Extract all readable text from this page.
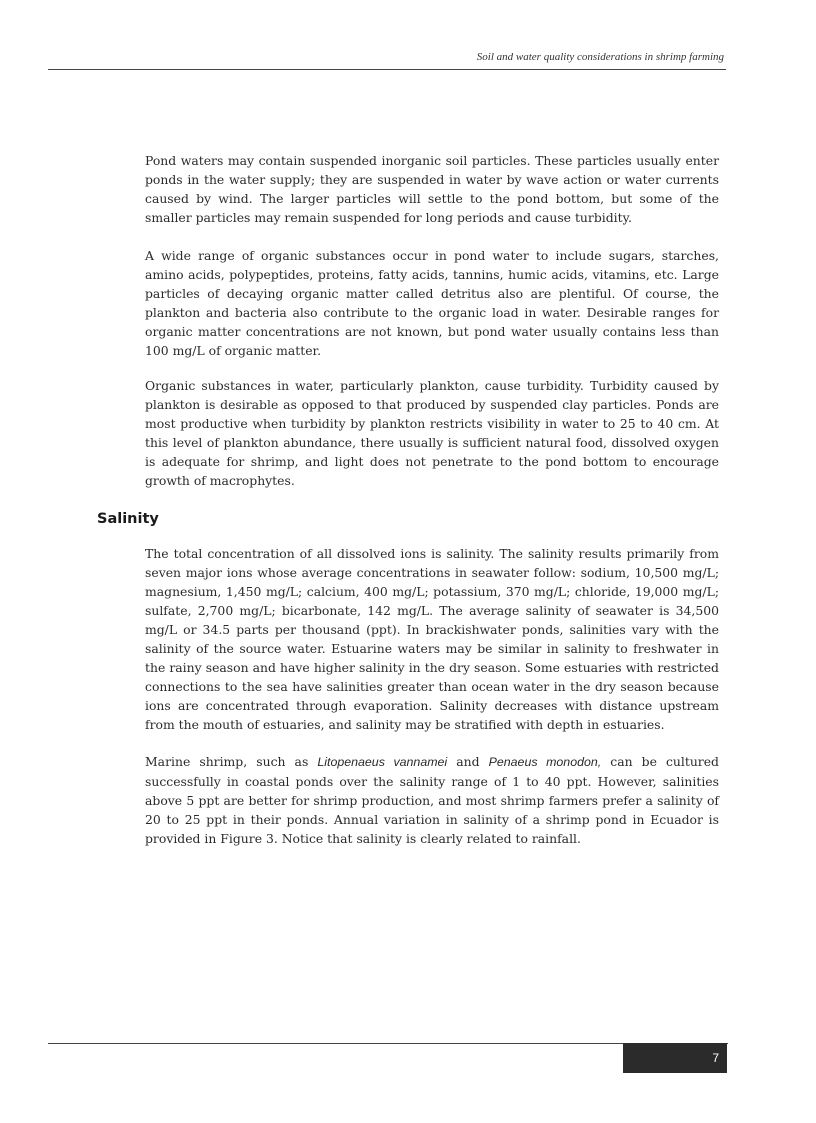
Soil and water quality considerations in shrimp farming

Pond waters may contain suspended inorganic soil particles. These particles usually enter ponds in the water supply; they are suspended in water by wave action or water currents caused by wind. The larger particles will settle to the pond bottom, but some of the smaller particles may remain suspended for long periods and cause turbidity.

A wide range of organic substances occur in pond water to include sugars, starches, amino acids, polypeptides, proteins, fatty acids, tannins, humic acids, vitamins, etc. Large particles of decaying organic matter called detritus also are plentiful. Of course, the plankton and bacteria also contribute to the organic load in water. Desirable ranges for organic matter concentrations are not known, but pond water usually contains less than 100 mg/L of organic matter.

Organic substances in water, particularly plankton, cause turbidity. Turbidity caused by plankton is desirable as opposed to that produced by suspended clay particles. Ponds are most productive when turbidity by plankton restricts visibility in water to 25 to 40 cm. At this level of plankton abundance, there usually is sufficient natural food, dissolved oxygen is adequate for shrimp, and light does not penetrate to the pond bottom to encourage growth of macrophytes.

Salinity

The total concentration of all dissolved ions is salinity. The salinity results primarily from seven major ions whose average concentrations in seawater follow: sodium, 10,500 mg/L; magnesium, 1,450 mg/L; calcium, 400 mg/L; potassium, 370 mg/L; chloride, 19,000 mg/L; sulfate, 2,700 mg/L; bicarbonate, 142 mg/L. The average salinity of seawater is 34,500 mg/L or 34.5 parts per thousand (ppt). In brackishwater ponds, salinities vary with the salinity of the source water. Estuarine waters may be similar in salinity to freshwater in the rainy season and have higher salinity in the dry season. Some estuaries with restricted connections to the sea have salinities greater than ocean water in the dry season because ions are concentrated through evaporation. Salinity decreases with distance upstream from the mouth of estuaries, and salinity may be stratified with depth in estuaries.

Marine shrimp, such as Litopenaeus vannamei and Penaeus monodon, can be cultured successfully in coastal ponds over the salinity range of 1 to 40 ppt. However, salinities above 5 ppt are better for shrimp production, and most shrimp farmers prefer a salinity of 20 to 25 ppt in their ponds. Annual variation in salinity of a shrimp pond in Ecuador is provided in Figure 3. Notice that salinity is clearly related to rainfall.

7
